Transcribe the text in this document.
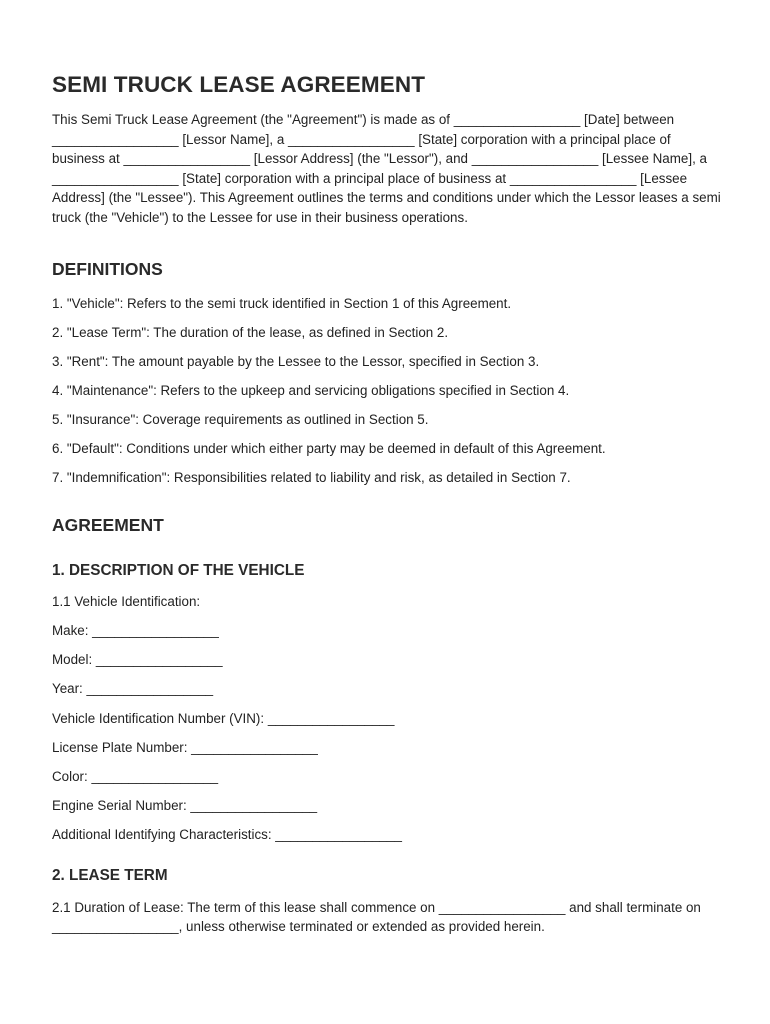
SEMI TRUCK LEASE AGREEMENT

This Semi Truck Lease Agreement (the "Agreement") is made as of _________________ [Date] between _________________ [Lessor Name], a _________________ [State] corporation with a principal place of business at _________________ [Lessor Address] (the "Lessor"), and _________________ [Lessee Name], a _________________ [State] corporation with a principal place of business at _________________ [Lessee Address] (the "Lessee"). This Agreement outlines the terms and conditions under which the Lessor leases a semi truck (the "Vehicle") to the Lessee for use in their business operations.

DEFINITIONS
1. "Vehicle": Refers to the semi truck identified in Section 1 of this Agreement.
2. "Lease Term": The duration of the lease, as defined in Section 2.
3. "Rent": The amount payable by the Lessee to the Lessor, specified in Section 3.
4. "Maintenance": Refers to the upkeep and servicing obligations specified in Section 4.
5. "Insurance": Coverage requirements as outlined in Section 5.
6. "Default": Conditions under which either party may be deemed in default of this Agreement.
7. "Indemnification": Responsibilities related to liability and risk, as detailed in Section 7.
AGREEMENT
1. DESCRIPTION OF THE VEHICLE
1.1 Vehicle Identification:
Make: _________________
Model: _________________
Year: _________________
Vehicle Identification Number (VIN): _________________
License Plate Number: _________________
Color: _________________
Engine Serial Number: _________________
Additional Identifying Characteristics: _________________
2. LEASE TERM

2.1 Duration of Lease: The term of this lease shall commence on _________________ and shall terminate on _________________, unless otherwise terminated or extended as provided herein.
